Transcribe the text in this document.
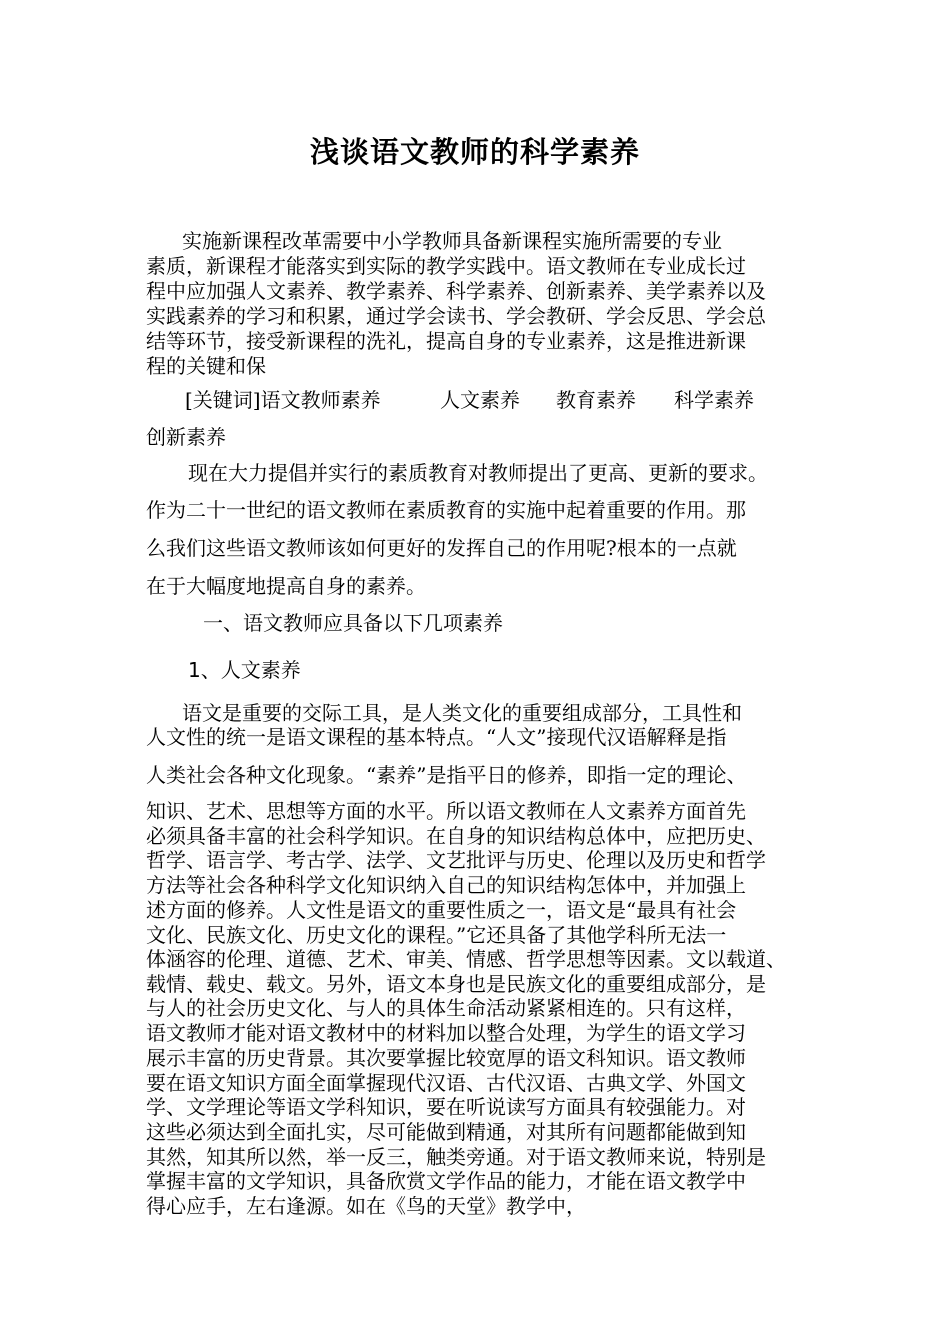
浅谈语文教师的科学素养
实施新课程改革需要中小学教师具备新课程实施所需要的专业
素质，新课程才能落实到实际的教学实践中。语文教师在专业成长过
程中应加强人文素养、教学素养、科学素养、创新素养、美学素养以及
实践素养的学习和积累，通过学会读书、学会教研、学会反思、学会总
结等环节，接受新课程的洗礼，提高自身的专业素养，这是推进新课
程的关键和保
[关键词]语文教师素养	人文素养 教育素养 科学素养
创新素养
现在大力提倡并实行的素质教育对教师提出了更高、更新的要求。
作为二十一世纪的语文教师在素质教育的实施中起着重要的作用。那
么我们这些语文教师该如何更好的发挥自己的作用呢?根本的一点就
在于大幅度地提高自身的素养。
一、语文教师应具备以下几项素养
1、人文素养
语文是重要的交际工具，是人类文化的重要组成部分，工具性和
人文性的统一是语文课程的基本特点。“人文”接现代汉语解释是指
人类社会各种文化现象。“素养”是指平日的修养，即指一定的理论、
知识、艺术、思想等方面的水平。所以语文教师在人文素养方面首先
必须具备丰富的社会科学知识。在自身的知识结构总体中，应把历史、
哲学、语言学、考古学、法学、文艺批评与历史、伦理以及历史和哲学
方法等社会各种科学文化知识纳入自己的知识结构怎体中，并加强上
述方面的修养。人文性是语文的重要性质之一，语文是“最具有社会
文化、民族文化、历史文化的课程。”它还具备了其他学科所无法一
体涵容的伦理、道德、艺术、审美、情感、哲学思想等因素。文以载道、
载情、载史、载文。另外，语文本身也是民族文化的重要组成部分，是
与人的社会历史文化、与人的具体生命活动紧紧相连的。只有这样，
语文教师才能对语文教材中的材料加以整合处理，为学生的语文学习
展示丰富的历史背景。其次要掌握比较宽厚的语文科知识。语文教师
要在语文知识方面全面掌握现代汉语、古代汉语、古典文学、外国文
学、文学理论等语文学科知识，要在听说读写方面具有较强能力。对
这些必须达到全面扎实，尽可能做到精通，对其所有问题都能做到知
其然，知其所以然，举一反三，触类旁通。对于语文教师来说，特别是
掌握丰富的文学知识，具备欣赏文学作品的能力，才能在语文教学中
得心应手，左右逢源。如在《鸟的天堂》教学中，
